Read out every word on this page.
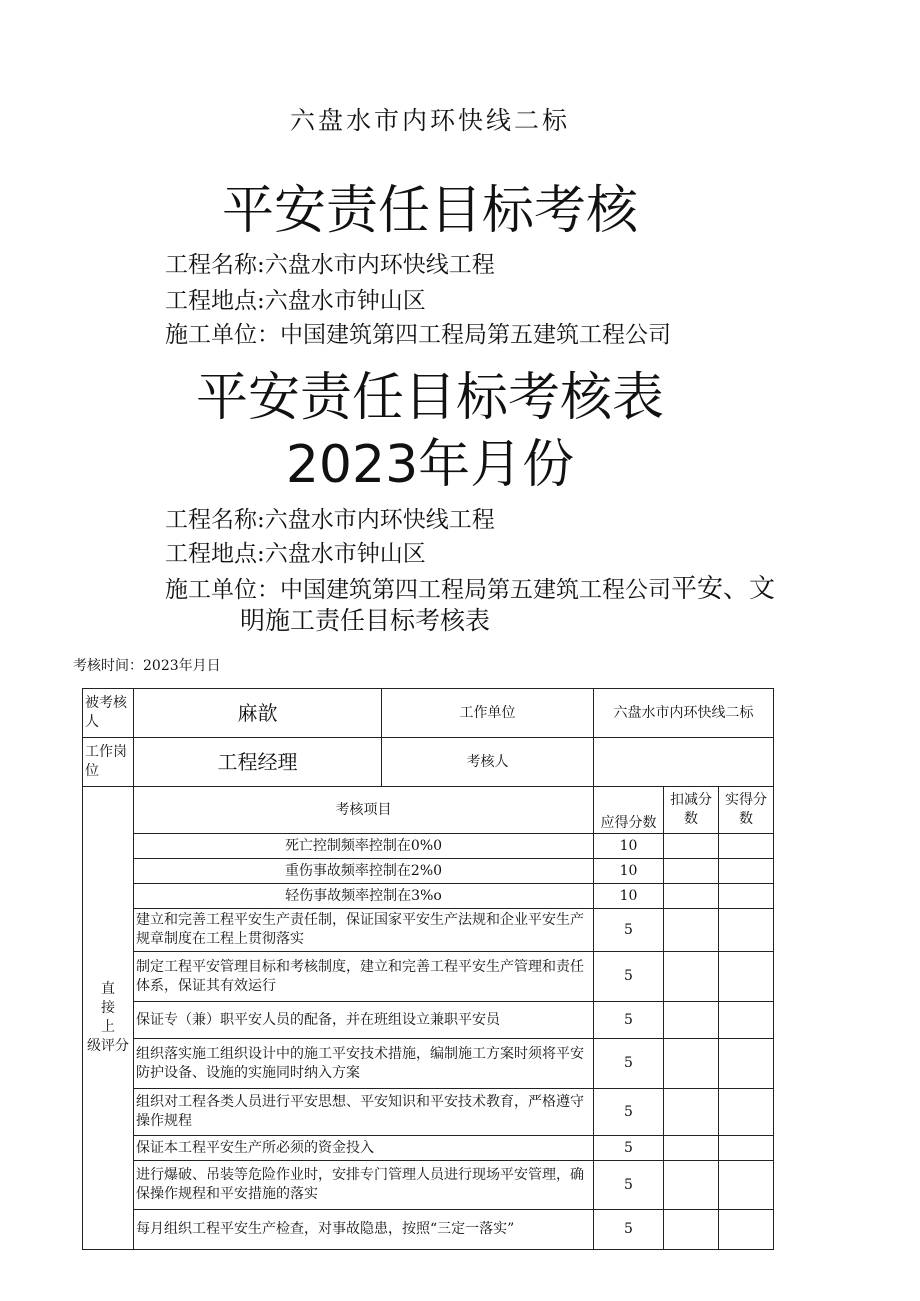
六盘水市内环快线二标
平安责任目标考核
工程名称:六盘水市内环快线工程
工程地点:六盘水市钟山区
施工单位：中国建筑第四工程局第五建筑工程公司
平安责任目标考核表
2023年月份
工程名称:六盘水市内环快线工程
工程地点:六盘水市钟山区
施工单位：中国建筑第四工程局第五建筑工程公司平安、文
明施工责任目标考核表
考核时间：2023年月日
被考核人	麻歆	工作单位	六盘水市内环快线二标		
工作岗位	工程经理	考核人			

直
接
上
级评分	考核项目		应得分数	扣减分数	实得分数
	死亡控制频率控制在0%0		10		
	重伤事故频率控制在2%0		10		
	轻伤事故频率控制在3%o		10		
	建立和完善工程平安生产责任制，保证国家平安生产法规和企业平安生产规章制度在工程上贯彻落实		5		
	制定工程平安管理目标和考核制度，建立和完善工程平安生产管理和责任体系，保证其有效运行		5		
	保证专（兼）职平安人员的配备，并在班组设立兼职平安员		5		
	组织落实施工组织设计中的施工平安技术措施，编制施工方案时须将平安防护设备、设施的实施同时纳入方案		5		
	组织对工程各类人员进行平安思想、平安知识和平安技术教育，严格遵守操作规程		5		
	保证本工程平安生产所必须的资金投入		5		
	进行爆破、吊装等危险作业时，安排专门管理人员进行现场平安管理，确保操作规程和平安措施的落实		5		
	每月组织工程平安生产检查，对事故隐患，按照“三定一落实”		5		
